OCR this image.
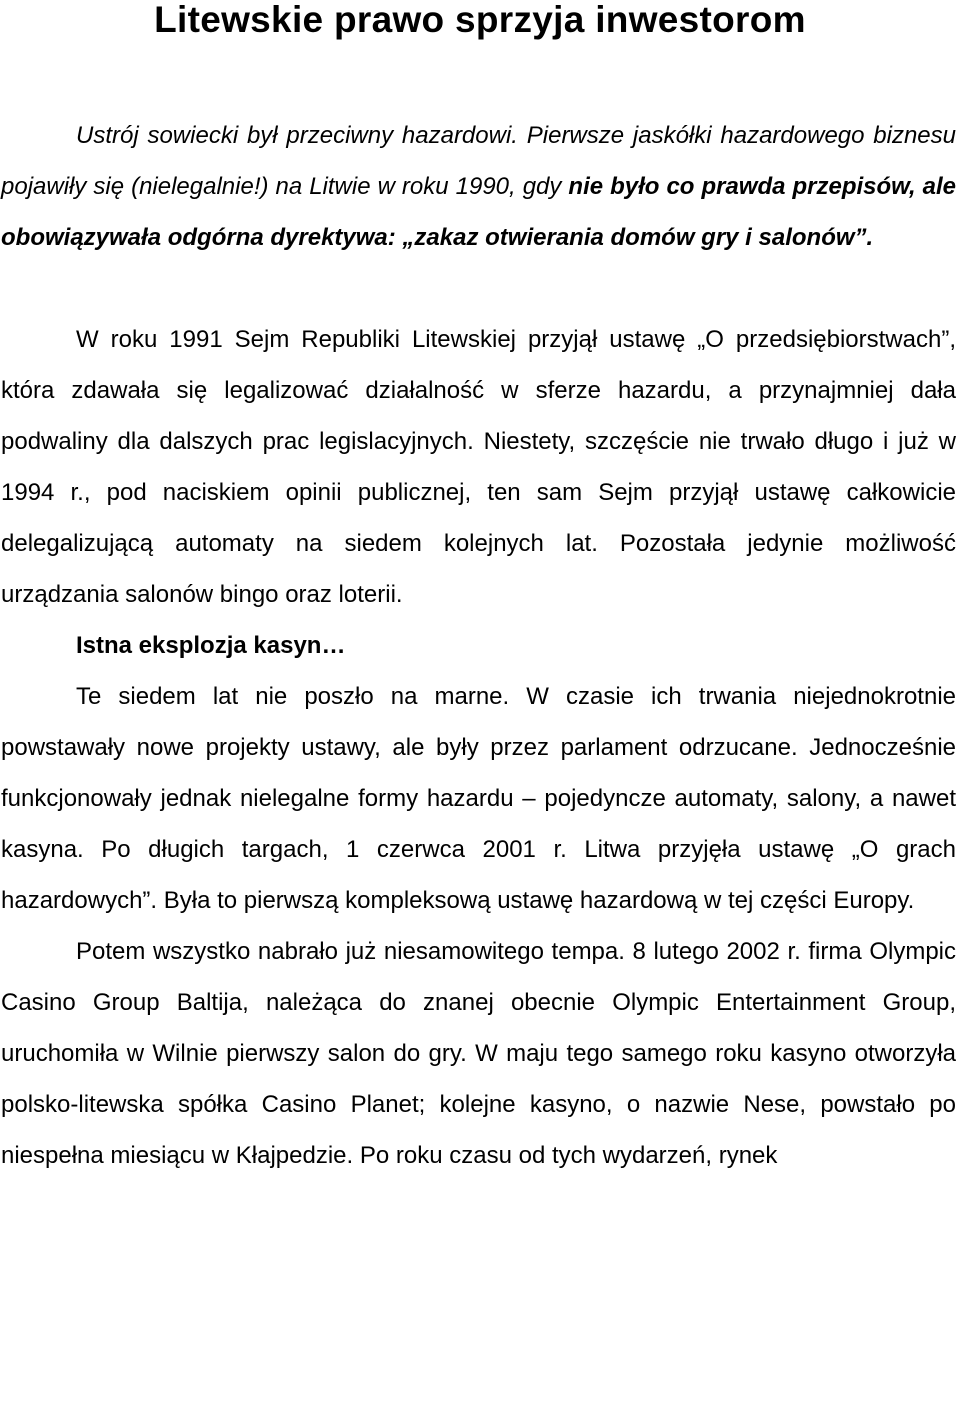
Litewskie prawo sprzyja inwestorom

Ustrój sowiecki był przeciwny hazardowi. Pierwsze jaskółki hazardowego biznesu pojawiły się (nielegalnie!) na Litwie w roku 1990, gdy nie było co prawda przepisów, ale obowiązywała odgórna dyrektywa: „zakaz otwierania domów gry i salonów”.

W roku 1991 Sejm Republiki Litewskiej przyjął ustawę „O przedsiębiorstwach”, która zdawała się legalizować działalność w sferze hazardu, a przynajmniej dała podwaliny dla dalszych prac legislacyjnych. Niestety, szczęście nie trwało długo i już w 1994 r., pod naciskiem opinii publicznej, ten sam Sejm przyjął ustawę całkowicie delegalizującą automaty na siedem kolejnych lat. Pozostała jedynie możliwość urządzania salonów bingo oraz loterii.

Istna eksplozja kasyn…

Te siedem lat nie poszło na marne. W czasie ich trwania niejednokrotnie powstawały nowe projekty ustawy, ale były przez parlament odrzucane. Jednocześnie funkcjonowały jednak nielegalne formy hazardu – pojedyncze automaty, salony, a nawet kasyna. Po długich targach, 1 czerwca 2001 r. Litwa przyjęła ustawę „O grach hazardowych”. Była to pierwszą kompleksową ustawę hazardową w tej części Europy.

Potem wszystko nabrało już niesamowitego tempa. 8 lutego 2002 r. firma Olympic Casino Group Baltija, należąca do znanej obecnie Olympic Entertainment Group, uruchomiła w Wilnie pierwszy salon do gry. W maju tego samego roku kasyno otworzyła polsko-litewska spółka Casino Planet; kolejne kasyno, o nazwie Nese, powstało po niespełna miesiącu w Kłajpedzie. Po roku czasu od tych wydarzeń, rynek
